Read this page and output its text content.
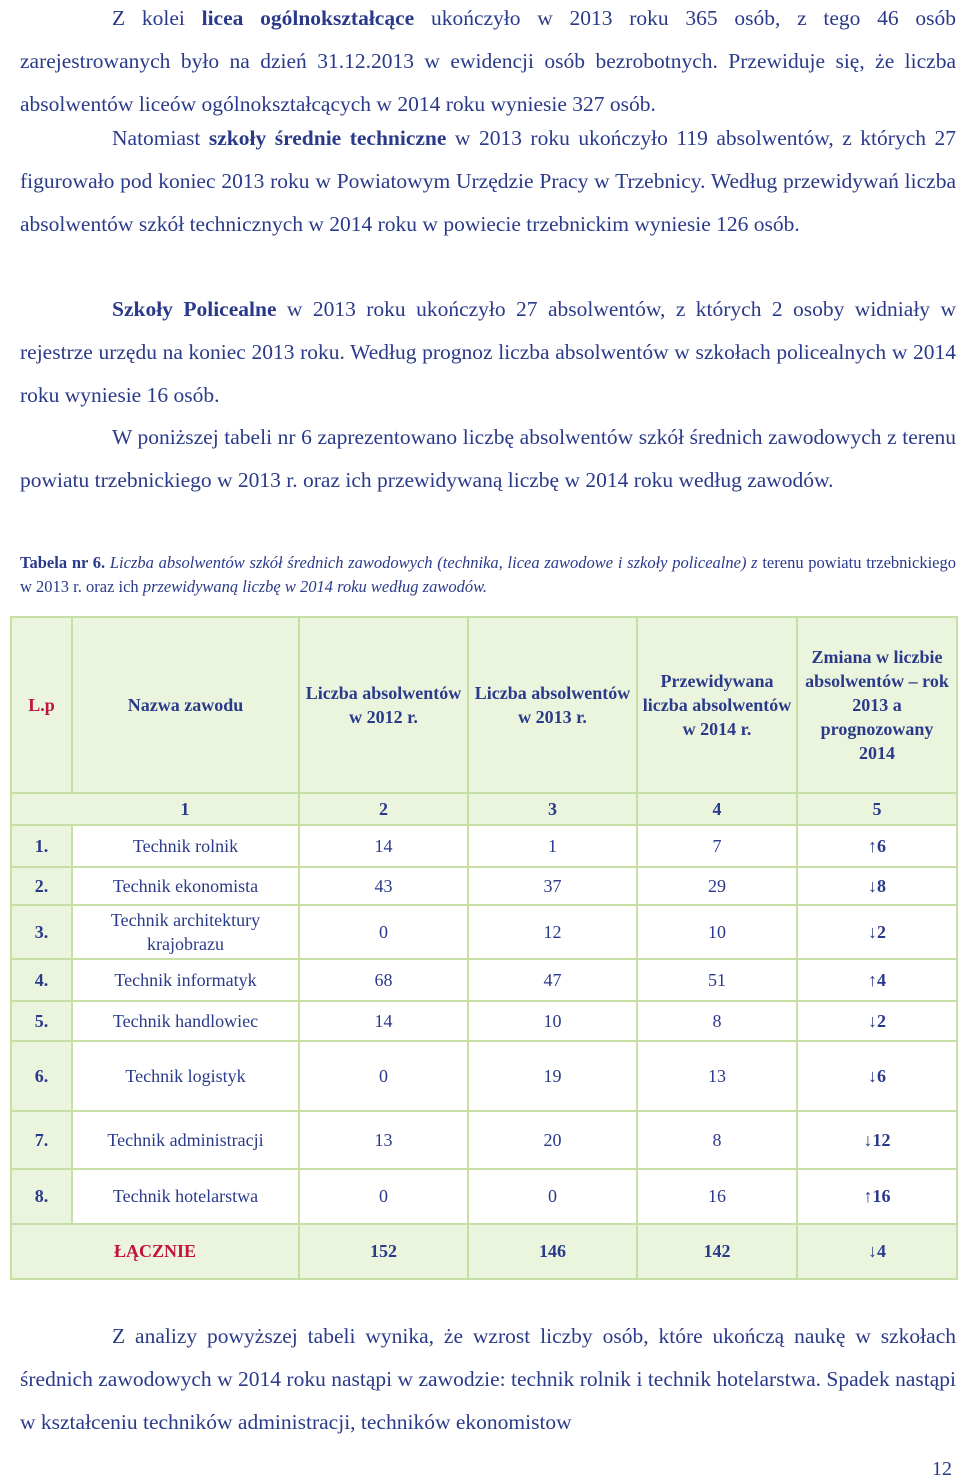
Z kolei licea ogólnokształcące ukończyło w 2013 roku 365 osób, z tego 46 osób zarejestrowanych było na dzień 31.12.2013 w ewidencji osób bezrobotnych. Przewiduje się, że liczba absolwentów liceów ogólnokształcących w 2014 roku wyniesie 327 osób.

Natomiast szkoły średnie techniczne w 2013 roku ukończyło 119 absolwentów, z których 27 figurowało pod koniec 2013 roku w Powiatowym Urzędzie Pracy w Trzebnicy. Według przewidywań liczba absolwentów szkół technicznych w 2014 roku w powiecie trzebnickim wyniesie 126 osób.

Szkoły Policealne w 2013 roku ukończyło 27 absolwentów, z których 2 osoby widniały w rejestrze urzędu na koniec 2013 roku. Według prognoz liczba absolwentów w szkołach policealnych w 2014 roku wyniesie 16 osób.

W poniższej tabeli nr 6 zaprezentowano liczbę absolwentów szkół średnich zawodowych z terenu powiatu trzebnickiego w 2013 r. oraz ich przewidywaną liczbę w 2014 roku według zawodów.

Tabela nr 6. Liczba absolwentów szkół średnich zawodowych (technika, licea zawodowe i szkoły policealne) z terenu powiatu trzebnickiego w 2013 r. oraz ich przewidywaną liczbę w 2014 roku według zawodów.

L.p	Nazwa zawodu	Liczba absolwentów w 2012 r.	Liczba absolwentów w 2013 r.	Przewidywana liczba absolwentów w 2014 r.	Zmiana w liczbie absolwentów – rok 2013 a prognozowany 2014
	1	2	3	4	5
1.	Technik rolnik	14	1	7	↑6
2.	Technik ekonomista	43	37	29	↓8
3.	Technik architektury krajobrazu	0	12	10	↓2
4.	Technik informatyk	68	47	51	↑4
5.	Technik handlowiec	14	10	8	↓2
6.	Technik logistyk	0	19	13	↓6
7.	Technik administracji	13	20	8	↓12
8.	Technik hotelarstwa	0	0	16	↑16
ŁĄCZNIE		152	146	142	↓4

Z analizy powyższej tabeli wynika, że wzrost liczby osób, które ukończą naukę w szkołach średnich zawodowych w 2014 roku nastąpi w zawodzie: technik rolnik i technik hotelarstwa. Spadek nastąpi w kształceniu techników administracji, techników ekonomistow

12
